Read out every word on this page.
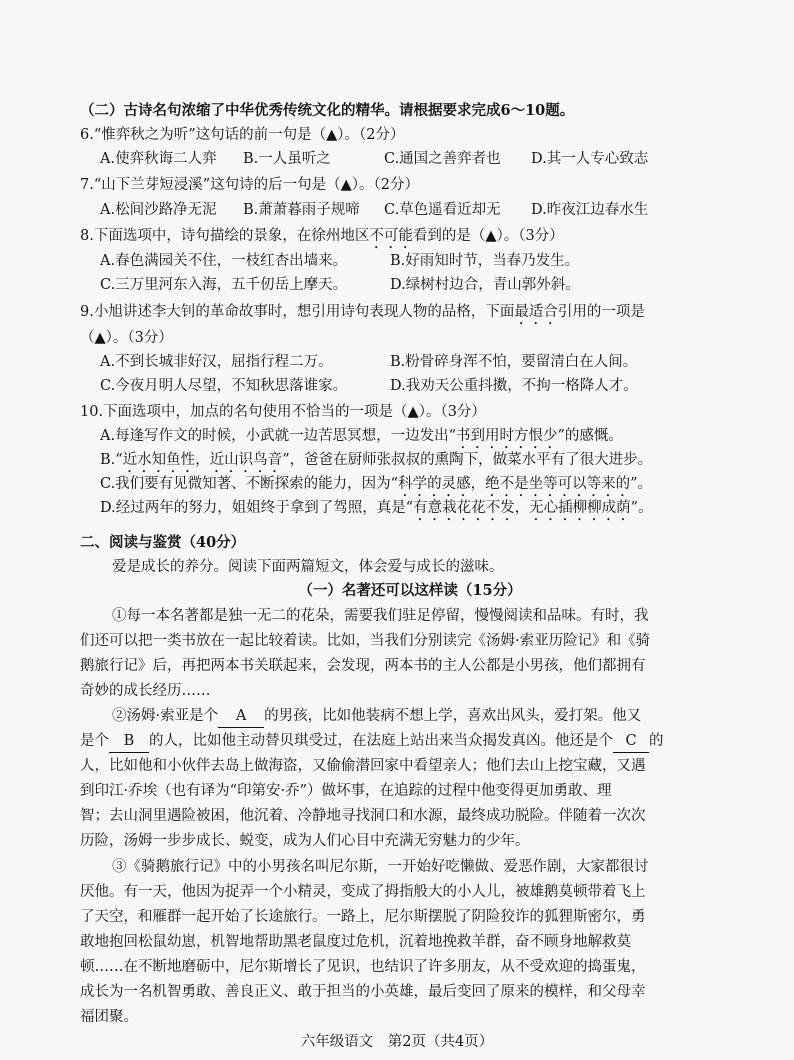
（二）古诗名句浓缩了中华优秀传统文化的精华。请根据要求完成6～10题。
6.“惟弈秋之为听”这句话的前一句是（▲）。（2分）
A.使弈秋诲二人弈	B.一人虽听之	C.通国之善弈者也	D.其一人专心致志
7.“山下兰芽短浸溪”这句诗的后一句是（▲）。（2分）
A.松间沙路净无泥	B.萧萧暮雨子规啼	C.草色遥看近却无	D.昨夜江边春水生
8.下面选项中，诗句描绘的景象，在徐州地区不可能看到的是（▲）。（3分）
A.春色满园关不住，一枝红杏出墙来。	B.好雨知时节，当春乃发生。
C.三万里河东入海，五千仞岳上摩天。	D.绿树村边合，青山郭外斜。
9.小旭讲述李大钊的革命故事时，想引用诗句表现人物的品格，下面最适合引用的一项是
（▲）。（3分）
A.不到长城非好汉，屈指行程二万。	B.粉骨碎身浑不怕，要留清白在人间。
C.今夜月明人尽望，不知秋思落谁家。	D.我劝天公重抖擞，不拘一格降人才。
10.下面选项中，加点的名句使用不恰当的一项是（▲）。（3分）
A.每逢写作文的时候，小武就一边苦思冥想，一边发出“书到用时方恨少”的感慨。
B.“近水知鱼性，近山识鸟音”，爸爸在厨师张叔叔的熏陶下，做菜水平有了很大进步。
C.我们要有见微知著、不断探索的能力，因为“科学的灵感，绝不是坐等可以等来的”。
D.经过两年的努力，姐姐终于拿到了驾照，真是“有意栽花花不发，无心插柳柳成荫”。
二、阅读与鉴赏（40分）
爱是成长的养分。阅读下面两篇短文，体会爱与成长的滋味。
（一）名著还可以这样读（15分）
①每一本名著都是独一无二的花朵，需要我们驻足停留，慢慢阅读和品味。有时，我
们还可以把一类书放在一起比较着读。比如，当我们分别读完《汤姆·索亚历险记》和《骑
鹅旅行记》后，再把两本书关联起来，会发现，两本书的主人公都是小男孩，他们都拥有
奇妙的成长经历……
②汤姆·索亚是个 A 的男孩，比如他装病不想上学，喜欢出风头，爱打架。他又
是个 B 的人，比如他主动替贝琪受过，在法庭上站出来当众揭发真凶。他还是个 C 的
人，比如他和小伙伴去岛上做海盗，又偷偷潜回家中看望亲人；他们去山上挖宝藏，又遇
到印江·乔埃（也有译为“印第安·乔”）做坏事，在追踪的过程中他变得更加勇敢、理
智；去山洞里遇险被困，他沉着、冷静地寻找洞口和水源，最终成功脱险。伴随着一次次
历险，汤姆一步步成长、蜕变，成为人们心目中充满无穷魅力的少年。
③《骑鹅旅行记》中的小男孩名叫尼尔斯，一开始好吃懒做、爱恶作剧，大家都很讨
厌他。有一天，他因为捉弄一个小精灵，变成了拇指般大的小人儿，被雄鹅莫顿带着飞上
了天空，和雁群一起开始了长途旅行。一路上，尼尔斯摆脱了阴险狡诈的狐狸斯密尔，勇
敢地抱回松鼠幼崽，机智地帮助黑老鼠度过危机，沉着地挽救羊群，奋不顾身地解救莫
顿……在不断地磨砺中，尼尔斯增长了见识，也结识了许多朋友，从不受欢迎的捣蛋鬼，
成长为一名机智勇敢、善良正义、敢于担当的小英雄，最后变回了原来的模样，和父母幸
福团聚。
六年级语文　第2页（共4页）
